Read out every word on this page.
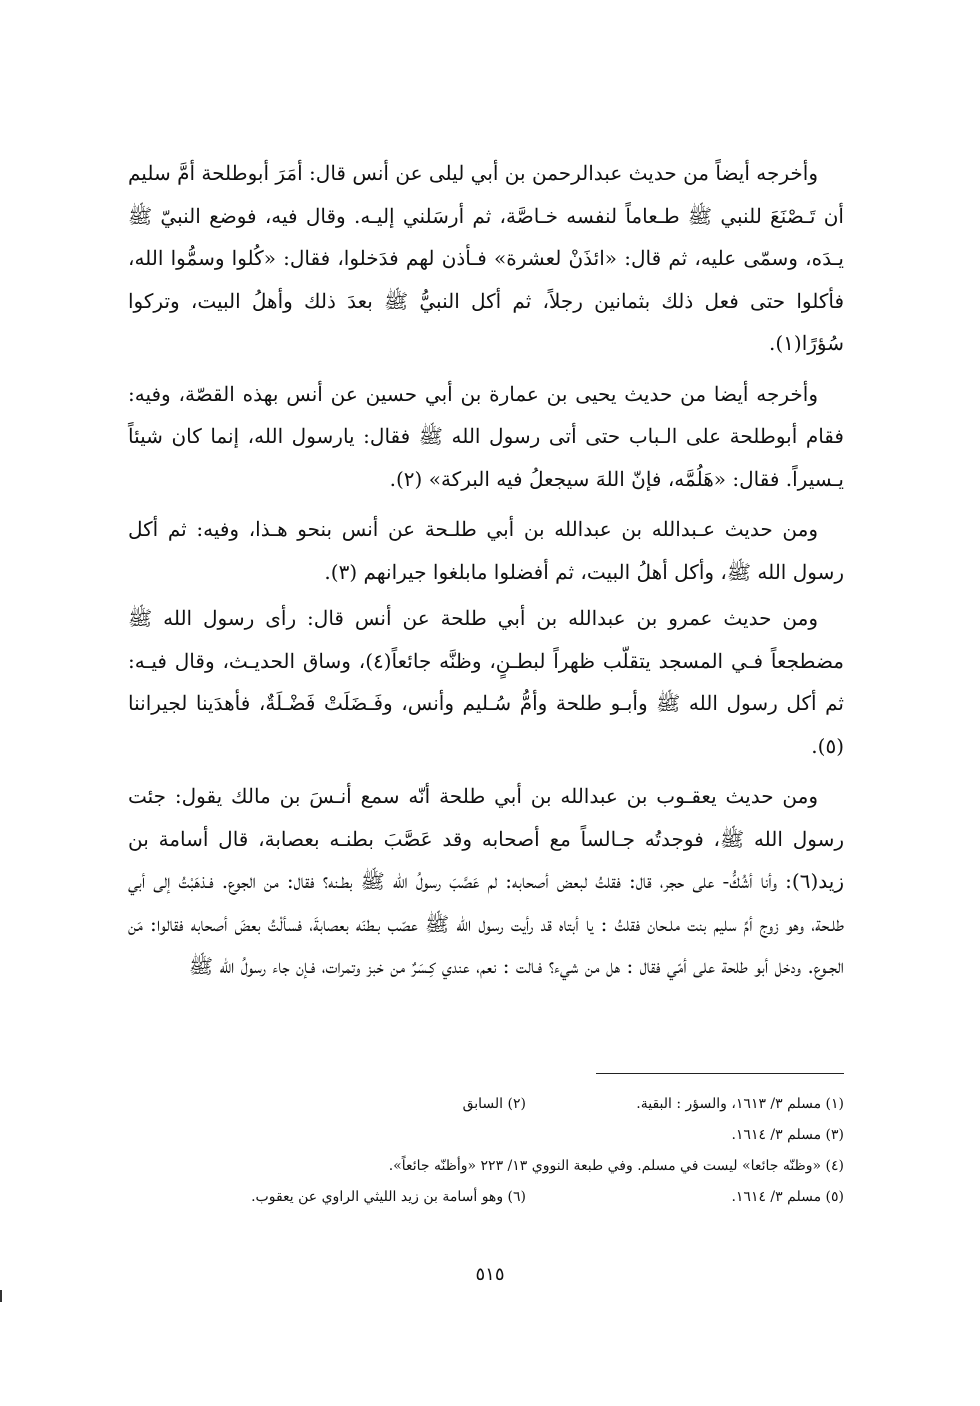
وأخرجه أيضاً من حديث عبدالرحمن بن أبي ليلى عن أنس قال: أمَرَ أبوطلحة أمَّ سليم أن تَـصْنَعَ للنبي ﷺ طـعاماً لنفسه خـاصَّة، ثم أرسَلني إليـه. وقال فيه، فوضع النبيّ ﷺ يـدَه، وسمّى عليه، ثم قال: «ائذَنْ لعشرة» فـأذن لهم فدَخلوا، فقال: «كُلوا وسمُّوا الله، فأكلوا حتى فعل ذلك بثمانين رجلاً، ثم أكل النبيُّ ﷺ بعدَ ذلك وأهلُ البيت، وتركوا سُؤرًا(١).

وأخرجه أيضا من حديث يحيى بن عمارة بن أبي حسين عن أنس بهذه القصّة، وفيه: فقام أبوطلحة على الـباب حتى أتى رسول الله ﷺ فقال: يارسول الله، إنما كان شيئاً يـسيراً. فقال: «هَلُمَّه، فإنّ اللهَ سيجعلُ فيه البركة» (٢).

ومن حديث عـبدالله بن عبدالله بن أبي طلـحة عن أنس بنحو هـذا، وفيه: ثم أكل رسول الله ﷺ، وأكل أهلُ البيت، ثم أفضلوا مابلغوا جيرانهم (٣).

ومن حديث عمرو بن عبدالله بن أبي طلحة عن أنس قال: رأى رسول الله ﷺ مضطجعاً فـي المسجد يتقلّب ظهراً لبطـنٍ، وظنَّه جائعاً(٤)، وساق الحديـث، وقال فيـه: ثم أكل رسول الله ﷺ وأبـو طلحة وأمُّ سُـليم وأنس، وفَـضَلَتْ فَضْـلَةٌ، فأهدَينا لجيراننا (٥).

ومن حديث يعقـوب بن عبدالله بن أبي طلحة أنّه سمع أنـسَ بن مالك يقول: جئت رسول الله ﷺ، فوجدتُه جـالساً مع أصحابه وقد عَصَّبَ بطنـه بعصابة، قال أسامة بن زيد(٦): وأنا أشُكُّ- على حجر، قال: فقلتُ لبعض أصحابه: لم عَصَّبَ رسولُ الله ﷺ بطـنه؟ فقال: من الجوع. فـذهَبْتُ إلى أبي طلـحة، وهو زوج أمِّ سليم بنت ملـحان فقلتُ : يا أبتاه قد رأيت رسول الله ﷺ عصّب بـطنَه بعصابةَ، فسألْتُ بعضَ أصحابه فقالوا: مَن الجـوع. ودخل أبو طلحة على أمّي فقال : هل من شيء؟ فـالت : نعم، عندي كِـسَرٌ من خبز وتمرات، فـإن جاء رسولُ الله ﷺ

(١) مسلم ٣/ ١٦١٣، والسؤر : البقية.
(٢) السابق
(٣) مسلم ٣/ ١٦١٤.
(٤) «وظنّه جائعا» ليست في مسلم. وفي طبعة النووي ١٣/ ٢٢٣ «وأظنّه جائعاً».
(٥) مسلم ٣/ ١٦١٤.
(٦) وهو أسامة بن زيد الليثي الراوي عن يعقوب.
٥١٥
